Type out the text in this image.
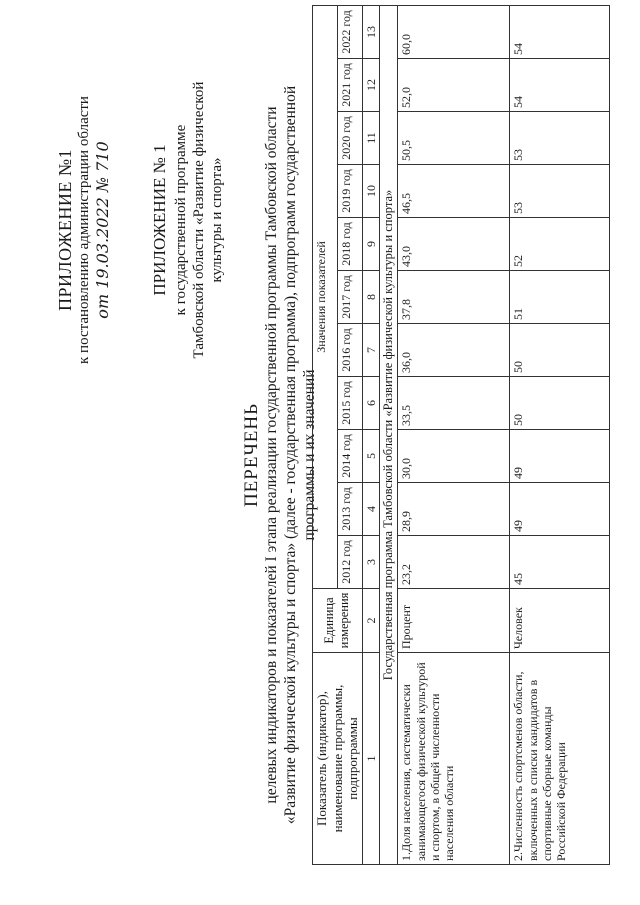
ПРИЛОЖЕНИЕ №1 к постановлению администрации области от 19.03.2022 № 710 ПРИЛОЖЕНИЕ № 1 к государственной программе Тамбовской области «Развитие физической культуры и спорта»
ПЕРЕЧЕНЬ целевых индикаторов и показателей I этапа реализации государственной программы Тамбовской области «Развитие физической культуры и спорта» (далее - государственная программа), подпрограмм государственной программы и их значений
Показатель (индикатор), наименование программы, подпрограммы	Единица измерения	Значения показателей										
		2012 год	2013 год	2014 год	2015 год	2016 год	2017 год	2018 год	2019 год	2020 год	2021 год	2022 год
1	2	3	4	5	6	7	8	9	10	11	12	13
Государственная программа Тамбовской области «Развитие физической культуры и спорта»												
1.Доля населения, систематически занимающегося физической культурой и спортом, в общей численности населения области	Процент	23,2	28,9	30,0	33,5	36,0	37,8	43,0	46,5	50,5	52,0	60,0
2.Численность спортсменов области, включенных в списки кандидатов в спортивные сборные команды Российской Федерации	Человек	45	49	49	50	50	51	52	53	53	54	54
